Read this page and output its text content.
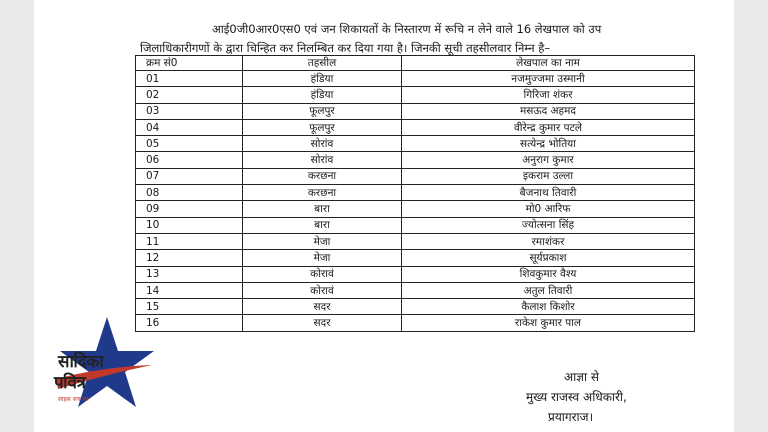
आई0जी0आर0एस0 एवं जन शिकायतों के निस्तारण में रूचि न लेने वाले 16 लेखपाल को उप
जिलाधिकारीगणों के द्वारा चिन्हित कर निलम्बित कर दिया गया है। जिनकी सूची तहसीलवार निम्न है–
क्रम सं0	तहसील	लेखपाल का नाम
01	हंडिया	नजमुज्जमा उस्मानी
02	हंडिया	गिरिजा शंकर
03	फूलपुर	मसऊद अहमद
04	फूलपुर	वीरेन्द्र कुमार पटले
05	सोरांव	सत्येन्द्र भोतिया
06	सोरांव	अनुराग कुमार
07	करछना	इकराम उल्ला
08	करछना	बैजनाथ तिवारी
09	बारा	मो0 आरिफ
10	बारा	ज्योत्सना सिंह
11	मेजा	रमाशंकर
12	मेजा	सूर्यप्रकाश
13	कोरावं	शिवकुमार वैश्य
14	कोरावं	अतुल तिवारी
15	सदर	कैलाश किशोर
16	सदर	राकेश कुमार पाल
आज्ञा से
मुख्य राजस्व अधिकारी,
प्रयागराज।
सादिका
पवित्र
साहस सच का
